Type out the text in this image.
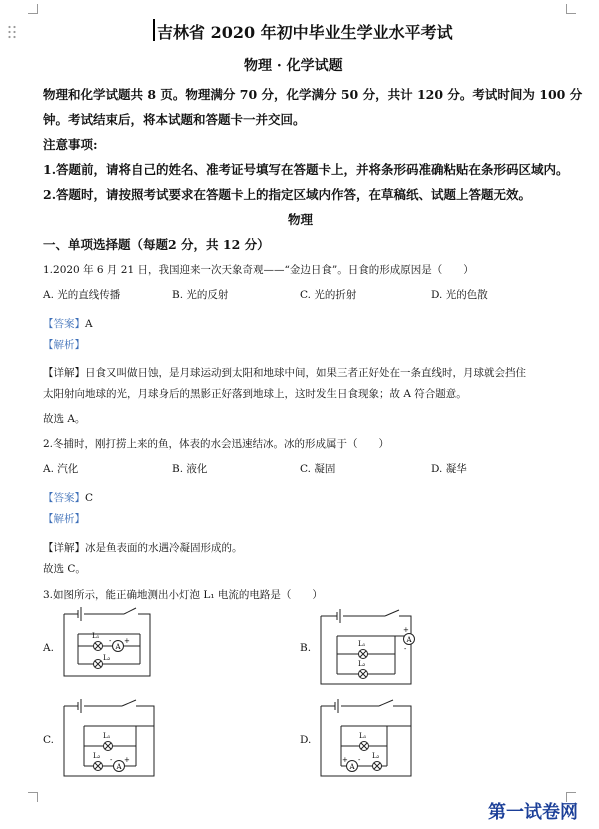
吉林省 2020 年初中毕业生学业水平考试
物理 · 化学试题
物理和化学试题共 8 页。物理满分 70 分，化学满分 50 分，共计 120 分。考试时间为 100 分
钟。考试结束后，将本试题和答题卡一并交回。
注意事项:
1.答题前，请将自己的姓名、准考证号填写在答题卡上，并将条形码准确粘贴在条形码区域内。
2.答题时，请按照考试要求在答题卡上的指定区域内作答，在草稿纸、试题上答题无效。
物理
一、单项选择题（每题2 分，共 12 分）
1.2020 年 6 月 21 日，我国迎来一次天象奇观——“金边日食”。日食的形成原因是（　　）
A. 光的直线传播	B. 光的反射	C. 光的折射	D. 光的色散
【答案】A
【解析】
【详解】日食又叫做日蚀，是月球运动到太阳和地球中间，如果三者正好处在一条直线时，月球就会挡住
太阳射向地球的光，月球身后的黑影正好落到地球上，这时发生日食现象；故 A 符合题意。
故选 A。
2.冬捕时，刚打捞上来的鱼，体表的水会迅速结冰。冰的形成属于（　　）
A. 汽化	B. 液化	C. 凝固	D. 凝华
【答案】C
【解析】
【详解】冰是鱼表面的水遇冷凝固形成的。
故选 C。
3.如图所示，能正确地测出小灯泡 L₁ 电流的电路是（　　）
A.
L₁
A
L₂
- +
B.	L₁
L₂
A
+
-
C.	L₁
L₂
A
- +
D.	L₁
L₂
A
+ -
第一试卷网
